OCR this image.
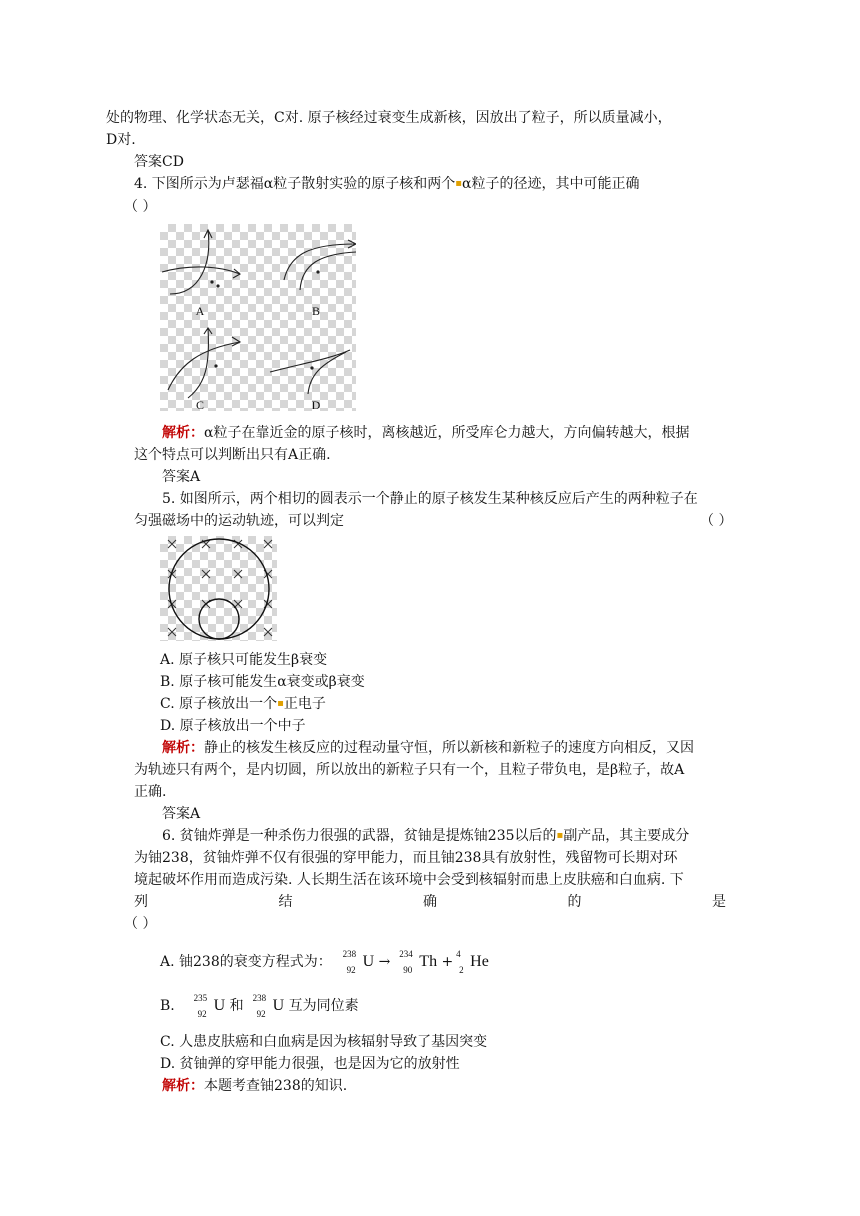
处的物理、化学状态无关，C对. 原子核经过衰变生成新核，因放出了粒子，所以质量减小，
D对.
答案CD
4. 下图所示为卢瑟福α粒子散射实验的原子核和两个▪α粒子的径迹，其中可能正确
（ ）
A	B
C	D
解析：α粒子在靠近金的原子核时，离核越近，所受库仑力越大，方向偏转越大，根据
这个特点可以判断出只有A正确.
答案A
5. 如图所示，两个相切的圆表示一个静止的原子核发生某种核反应后产生的两种粒子在
匀强磁场中的运动轨迹，可以判定	（ ）
A. 原子核只可能发生β衰变
B. 原子核可能发生α衰变或β衰变
C. 原子核放出一个▪正电子
D. 原子核放出一个中子
解析：静止的核发生核反应的过程动量守恒，所以新核和新粒子的速度方向相反，又因
为轨迹只有两个，是内切圆，所以放出的新粒子只有一个，且粒子带负电，是β粒子，故A
正确.
答案A
6. 贫铀炸弹是一种杀伤力很强的武器，贫铀是提炼铀235以后的▪副产品，其主要成分
为铀238，贫铀炸弹不仅有很强的穿甲能力，而且铀238具有放射性，残留物可长期对环
境起破坏作用而造成污染. 人长期生活在该环境中会受到核辐射而患上皮肤癌和白血病. 下
列	结	确	的	是
（ ）
A. 铀238的衰变方程式为： 238
92 U → 234
90 Th + 4
2 He
B. 235
92 U 和 238
92 U 互为同位素
C. 人患皮肤癌和白血病是因为核辐射导致了基因突变
D. 贫铀弹的穿甲能力很强，也是因为它的放射性
解析：本题考查铀238的知识.
